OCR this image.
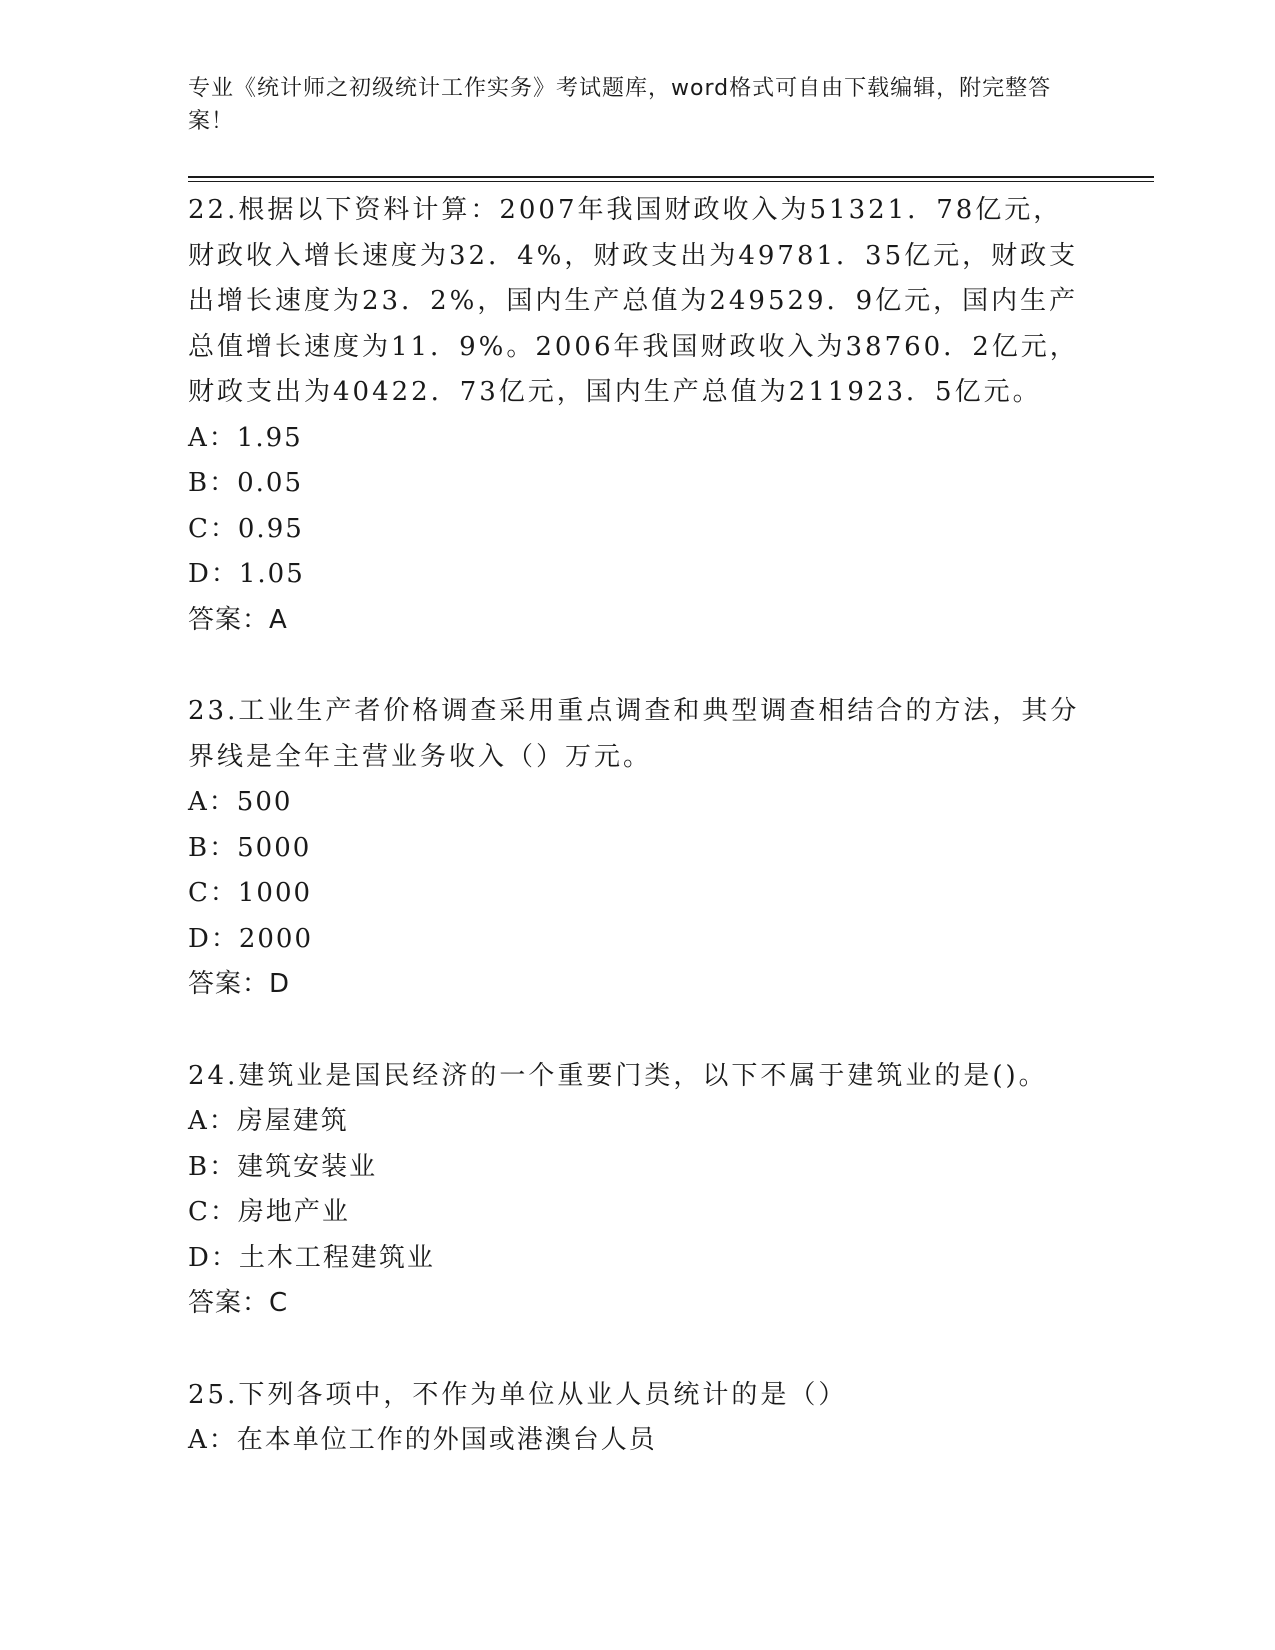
专业《统计师之初级统计工作实务》考试题库，word格式可自由下载编辑，附完整答案！

22.根据以下资料计算：2007年我国财政收入为51321．78亿元，财政收入增长速度为32．4%，财政支出为49781．35亿元，财政支出增长速度为23．2%，国内生产总值为249529．9亿元，国内生产总值增长速度为11．9%。2006年我国财政收入为38760．2亿元，财政支出为40422．73亿元，国内生产总值为211923．5亿元。

A：1.95

B：0.05

C：0.95

D：1.05

答案：A

23.工业生产者价格调查采用重点调查和典型调查相结合的方法，其分界线是全年主营业务收入（）万元。

A：500

B：5000

C：1000

D：2000

答案：D

24.建筑业是国民经济的一个重要门类，以下不属于建筑业的是()。

A：房屋建筑

B：建筑安装业

C：房地产业

D：土木工程建筑业

答案：C

25.下列各项中，不作为单位从业人员统计的是（）

A：在本单位工作的外国或港澳台人员
